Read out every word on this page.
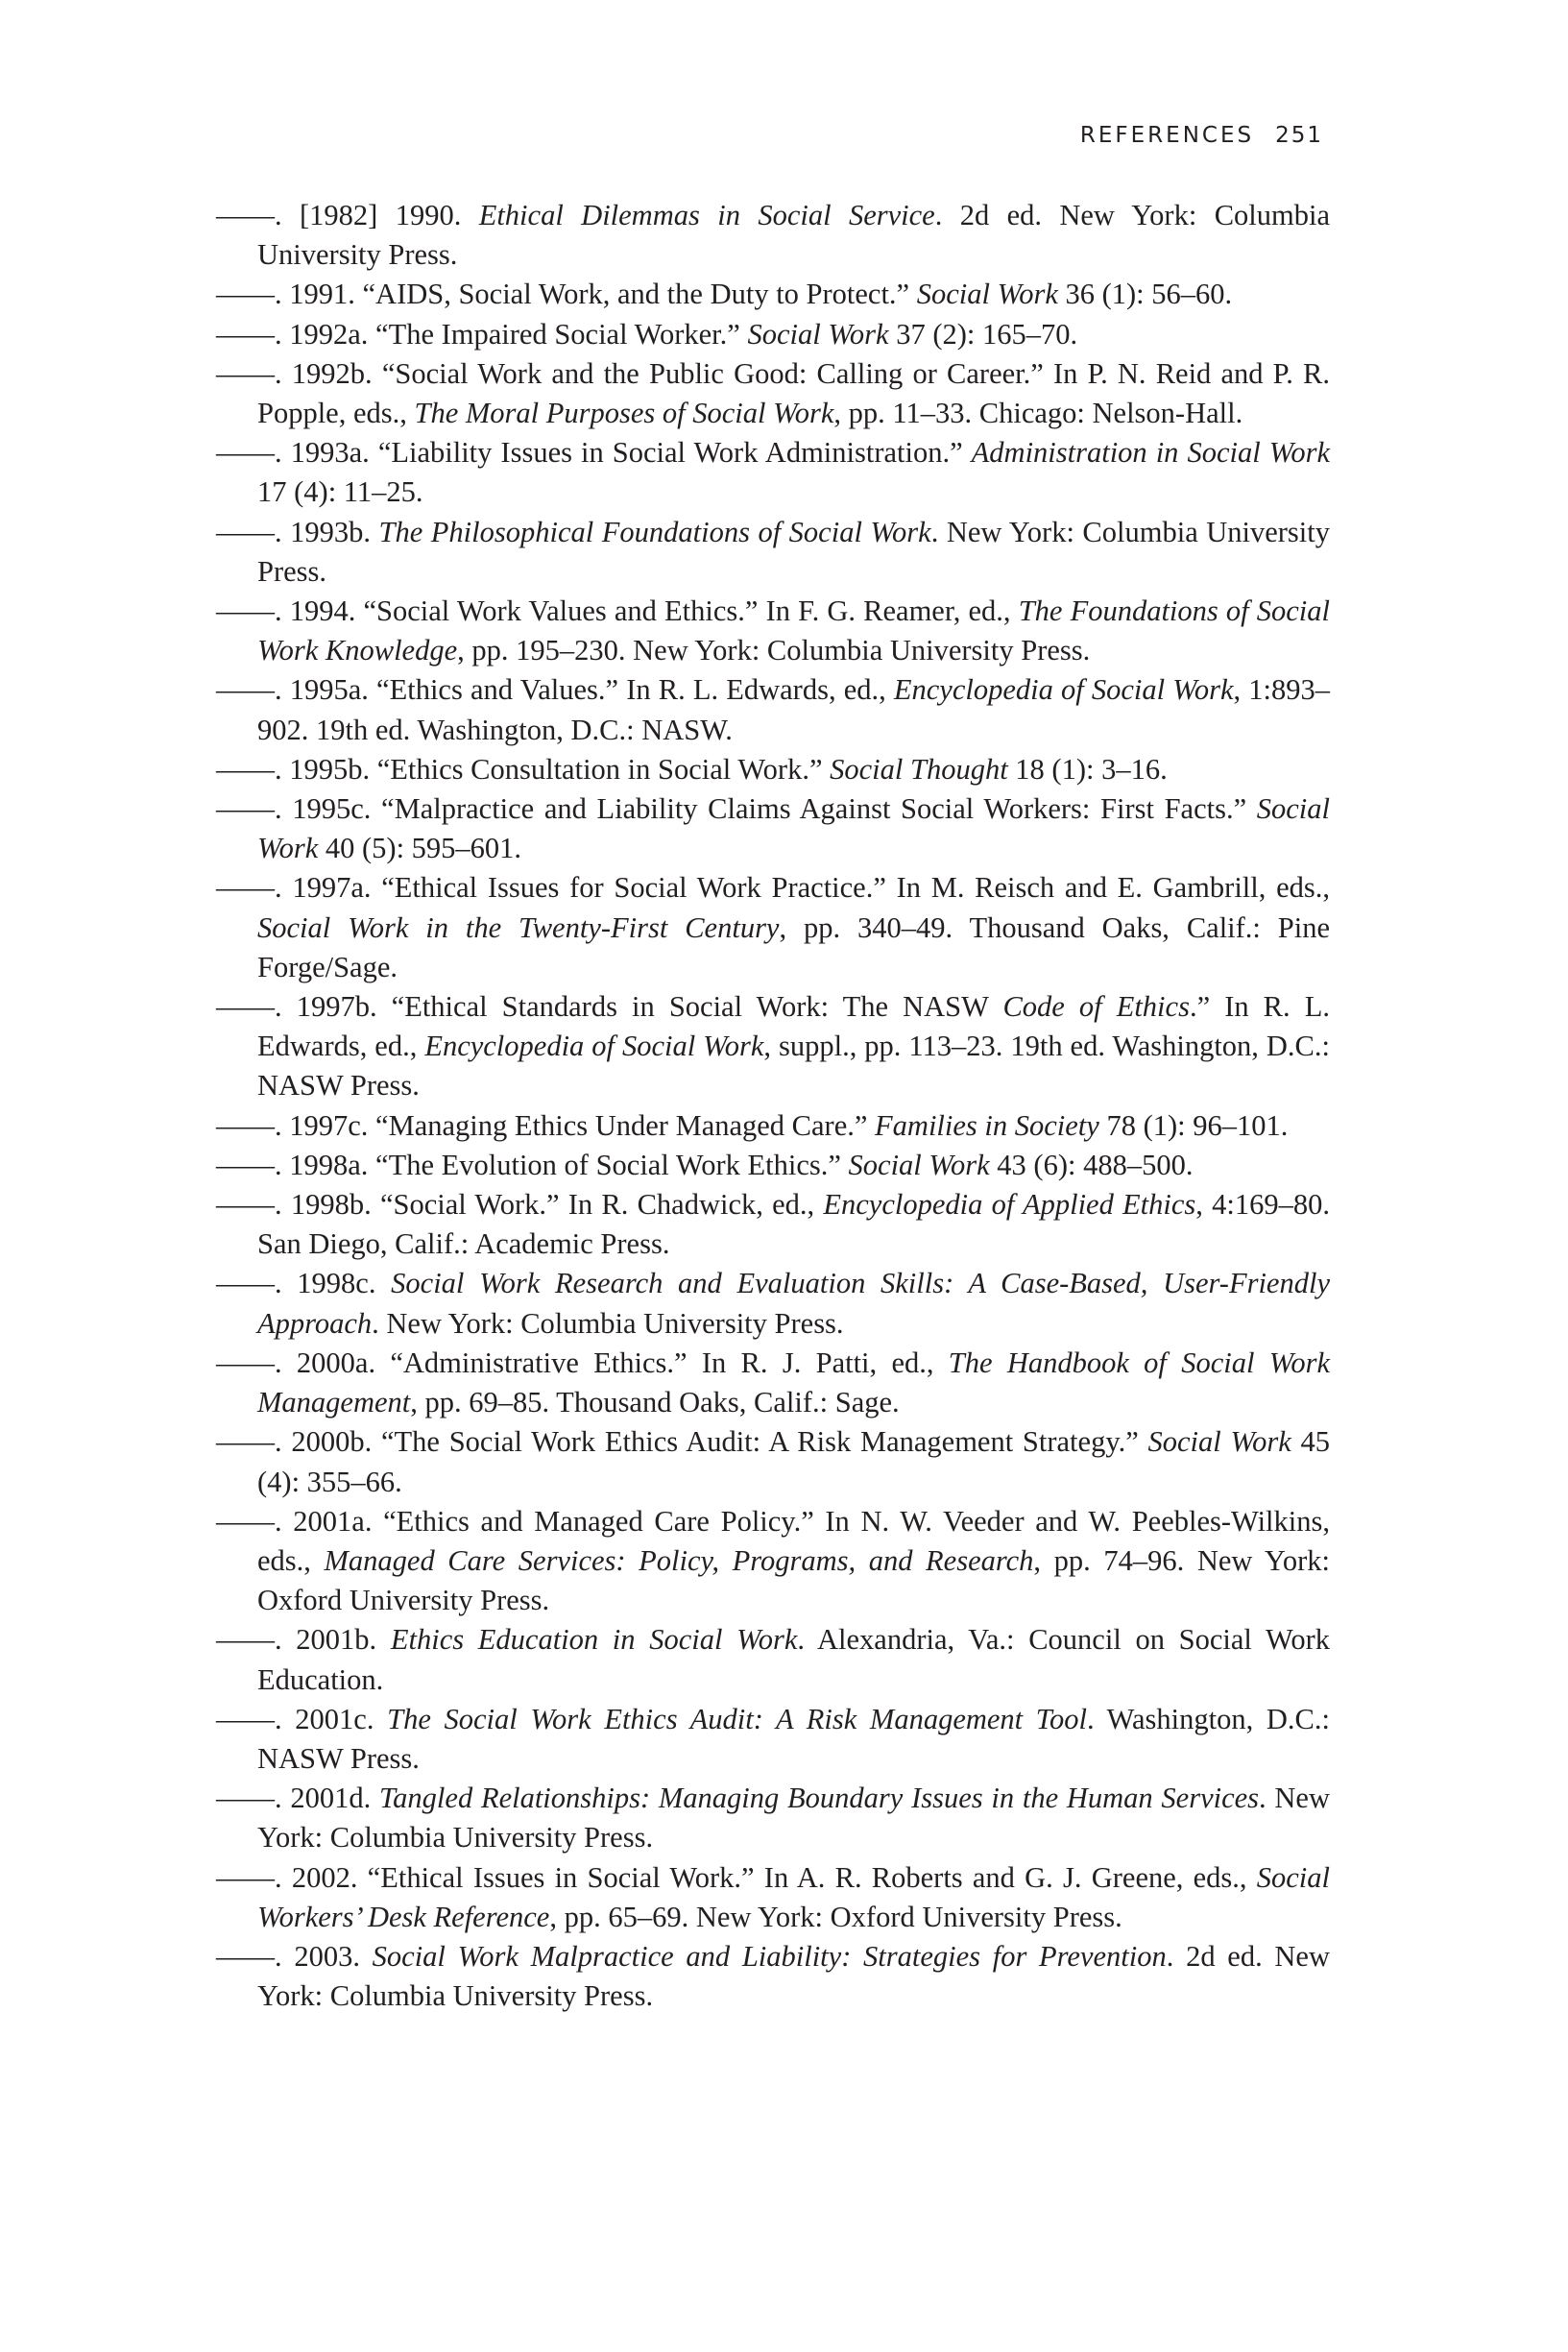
REFERENCES 251

——. [1982] 1990. Ethical Dilemmas in Social Service. 2d ed. New York: Columbia University Press.

——. 1991. “AIDS, Social Work, and the Duty to Protect.” Social Work 36 (1): 56–60.

——. 1992a. “The Impaired Social Worker.” Social Work 37 (2): 165–70.

——. 1992b. “Social Work and the Public Good: Calling or Career.” In P. N. Reid and P. R. Popple, eds., The Moral Purposes of Social Work, pp. 11–33. Chicago: Nelson-Hall.

——. 1993a. “Liability Issues in Social Work Administration.” Administration in Social Work 17 (4): 11–25.

——. 1993b. The Philosophical Foundations of Social Work. New York: Columbia University Press.

——. 1994. “Social Work Values and Ethics.” In F. G. Reamer, ed., The Foundations of Social Work Knowledge, pp. 195–230. New York: Columbia University Press.

——. 1995a. “Ethics and Values.” In R. L. Edwards, ed., Encyclopedia of Social Work, 1:893–902. 19th ed. Washington, D.C.: NASW.

——. 1995b. “Ethics Consultation in Social Work.” Social Thought 18 (1): 3–16.

——. 1995c. “Malpractice and Liability Claims Against Social Workers: First Facts.” Social Work 40 (5): 595–601.

——. 1997a. “Ethical Issues for Social Work Practice.” In M. Reisch and E. Gambrill, eds., Social Work in the Twenty-First Century, pp. 340–49. Thousand Oaks, Calif.: Pine Forge/Sage.

——. 1997b. “Ethical Standards in Social Work: The NASW Code of Ethics.” In R. L. Edwards, ed., Encyclopedia of Social Work, suppl., pp. 113–23. 19th ed. Washington, D.C.: NASW Press.

——. 1997c. “Managing Ethics Under Managed Care.” Families in Society 78 (1): 96–101.

——. 1998a. “The Evolution of Social Work Ethics.” Social Work 43 (6): 488–500.

——. 1998b. “Social Work.” In R. Chadwick, ed., Encyclopedia of Applied Ethics, 4:169–80. San Diego, Calif.: Academic Press.

——. 1998c. Social Work Research and Evaluation Skills: A Case-Based, User-Friendly Approach. New York: Columbia University Press.

——. 2000a. “Administrative Ethics.” In R. J. Patti, ed., The Handbook of Social Work Management, pp. 69–85. Thousand Oaks, Calif.: Sage.

——. 2000b. “The Social Work Ethics Audit: A Risk Management Strategy.” Social Work 45 (4): 355–66.

——. 2001a. “Ethics and Managed Care Policy.” In N. W. Veeder and W. Peebles-Wilkins, eds., Managed Care Services: Policy, Programs, and Research, pp. 74–96. New York: Oxford University Press.

——. 2001b. Ethics Education in Social Work. Alexandria, Va.: Council on Social Work Education.

——. 2001c. The Social Work Ethics Audit: A Risk Management Tool. Washington, D.C.: NASW Press.

——. 2001d. Tangled Relationships: Managing Boundary Issues in the Human Services. New York: Columbia University Press.

——. 2002. “Ethical Issues in Social Work.” In A. R. Roberts and G. J. Greene, eds., Social Workers’ Desk Reference, pp. 65–69. New York: Oxford University Press.

——. 2003. Social Work Malpractice and Liability: Strategies for Prevention. 2d ed. New York: Columbia University Press.
